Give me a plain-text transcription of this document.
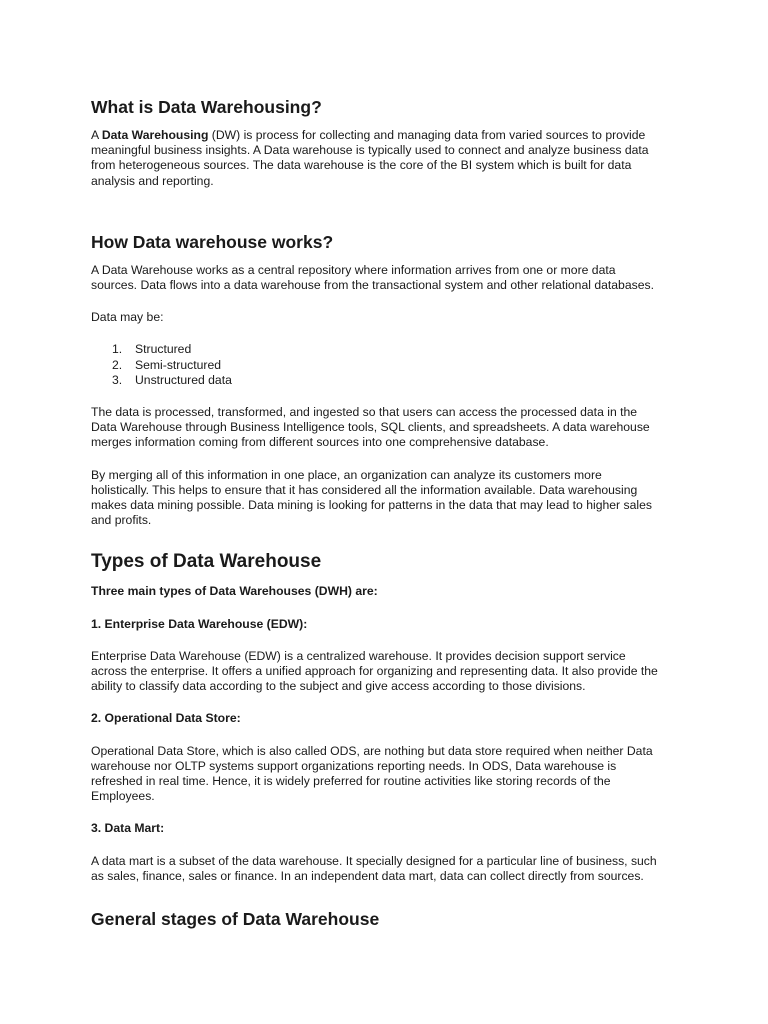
What is Data Warehousing?

A Data Warehousing (DW) is process for collecting and managing data from varied sources to provide
meaningful business insights. A Data warehouse is typically used to connect and analyze business data
from heterogeneous sources. The data warehouse is the core of the BI system which is built for data
analysis and reporting.

How Data warehouse works?

A Data Warehouse works as a central repository where information arrives from one or more data
sources. Data flows into a data warehouse from the transactional system and other relational databases.

Data may be:

1. Structured
2. Semi-structured
3. Unstructured data

The data is processed, transformed, and ingested so that users can access the processed data in the
Data Warehouse through Business Intelligence tools, SQL clients, and spreadsheets. A data warehouse
merges information coming from different sources into one comprehensive database.

By merging all of this information in one place, an organization can analyze its customers more
holistically. This helps to ensure that it has considered all the information available. Data warehousing
makes data mining possible. Data mining is looking for patterns in the data that may lead to higher sales
and profits.

Types of Data Warehouse

Three main types of Data Warehouses (DWH) are:

1. Enterprise Data Warehouse (EDW):

Enterprise Data Warehouse (EDW) is a centralized warehouse. It provides decision support service
across the enterprise. It offers a unified approach for organizing and representing data. It also provide the
ability to classify data according to the subject and give access according to those divisions.

2. Operational Data Store:

Operational Data Store, which is also called ODS, are nothing but data store required when neither Data
warehouse nor OLTP systems support organizations reporting needs. In ODS, Data warehouse is
refreshed in real time. Hence, it is widely preferred for routine activities like storing records of the
Employees.

3. Data Mart:

A data mart is a subset of the data warehouse. It specially designed for a particular line of business, such
as sales, finance, sales or finance. In an independent data mart, data can collect directly from sources.

General stages of Data Warehouse
